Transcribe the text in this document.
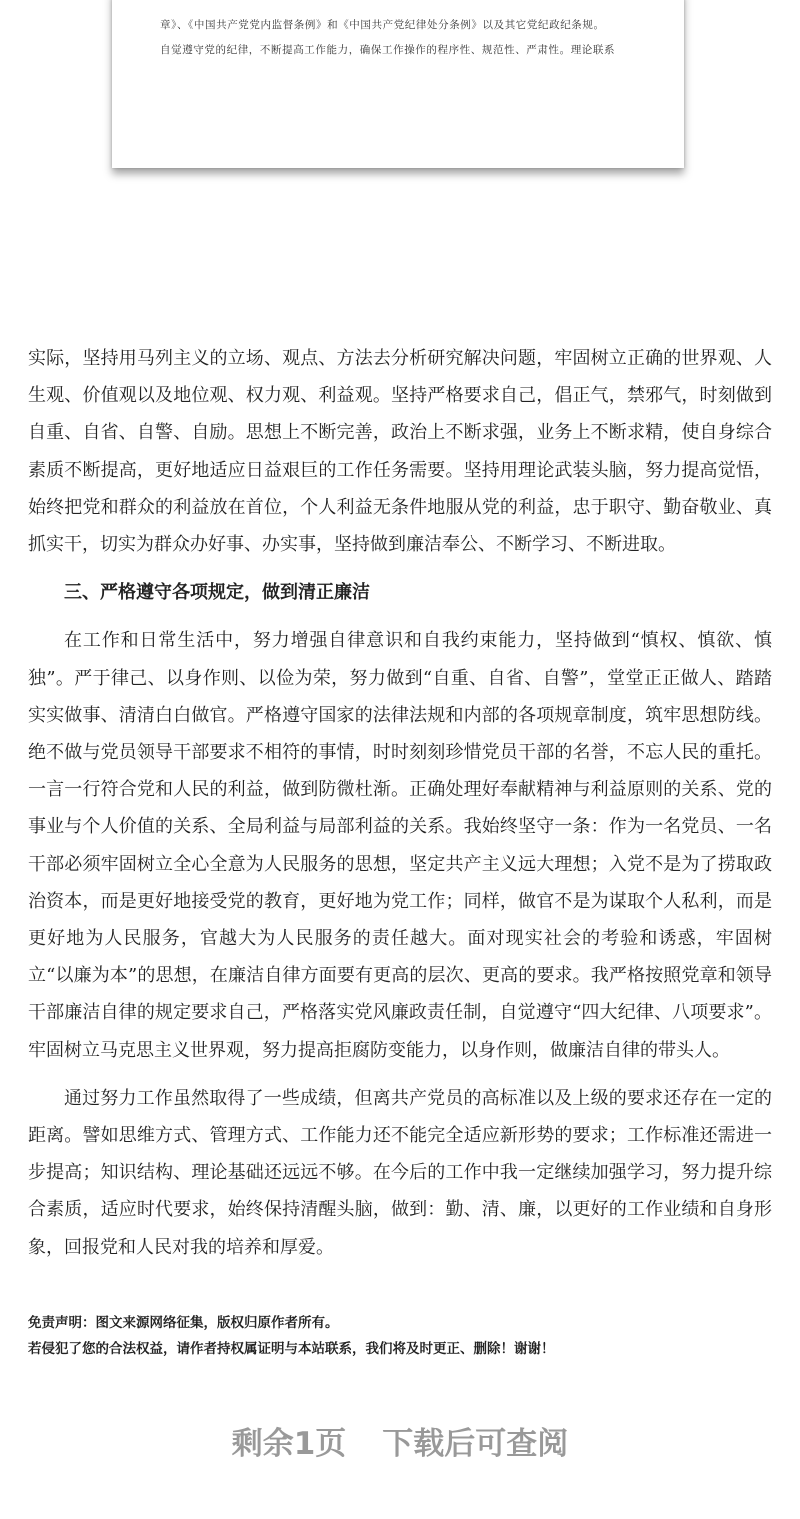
章》、《中国共产党党内监督条例》和《中国共产党纪律处分条例》以及其它党纪政纪条规。

自觉遵守党的纪律，不断提高工作能力，确保工作操作的程序性、规范性、严肃性。理论联系

实际，坚持用马列主义的立场、观点、方法去分析研究解决问题，牢固树立正确的世界观、人生观、价值观以及地位观、权力观、利益观。坚持严格要求自己，倡正气，禁邪气，时刻做到自重、自省、自警、自励。思想上不断完善，政治上不断求强，业务上不断求精，使自身综合素质不断提高，更好地适应日益艰巨的工作任务需要。坚持用理论武装头脑，努力提高觉悟，始终把党和群众的利益放在首位，个人利益无条件地服从党的利益，忠于职守、勤奋敬业、真抓实干，切实为群众办好事、办实事，坚持做到廉洁奉公、不断学习、不断进取。

三、严格遵守各项规定，做到清正廉洁

在工作和日常生活中，努力增强自律意识和自我约束能力，坚持做到“慎权、慎欲、慎独”。严于律己、以身作则、以俭为荣，努力做到“自重、自省、自警”，堂堂正正做人、踏踏实实做事、清清白白做官。严格遵守国家的法律法规和内部的各项规章制度，筑牢思想防线。绝不做与党员领导干部要求不相符的事情，时时刻刻珍惜党员干部的名誉，不忘人民的重托。一言一行符合党和人民的利益，做到防微杜渐。正确处理好奉献精神与利益原则的关系、党的事业与个人价值的关系、全局利益与局部利益的关系。我始终坚守一条：作为一名党员、一名干部必须牢固树立全心全意为人民服务的思想，坚定共产主义远大理想；入党不是为了捞取政治资本，而是更好地接受党的教育，更好地为党工作；同样，做官不是为谋取个人私利，而是更好地为人民服务，官越大为人民服务的责任越大。面对现实社会的考验和诱惑，牢固树立“以廉为本”的思想，在廉洁自律方面要有更高的层次、更高的要求。我严格按照党章和领导干部廉洁自律的规定要求自己，严格落实党风廉政责任制，自觉遵守“四大纪律、八项要求”。牢固树立马克思主义世界观，努力提高拒腐防变能力，以身作则，做廉洁自律的带头人。

通过努力工作虽然取得了一些成绩，但离共产党员的高标准以及上级的要求还存在一定的距离。譬如思维方式、管理方式、工作能力还不能完全适应新形势的要求；工作标准还需进一步提高；知识结构、理论基础还远远不够。在今后的工作中我一定继续加强学习，努力提升综合素质，适应时代要求，始终保持清醒头脑，做到：勤、清、廉，以更好的工作业绩和自身形象，回报党和人民对我的培养和厚爱。

免责声明：图文来源网络征集，版权归原作者所有。
若侵犯了您的合法权益，请作者持权属证明与本站联系，我们将及时更正、删除！谢谢！
剩余1页 下载后可查阅
